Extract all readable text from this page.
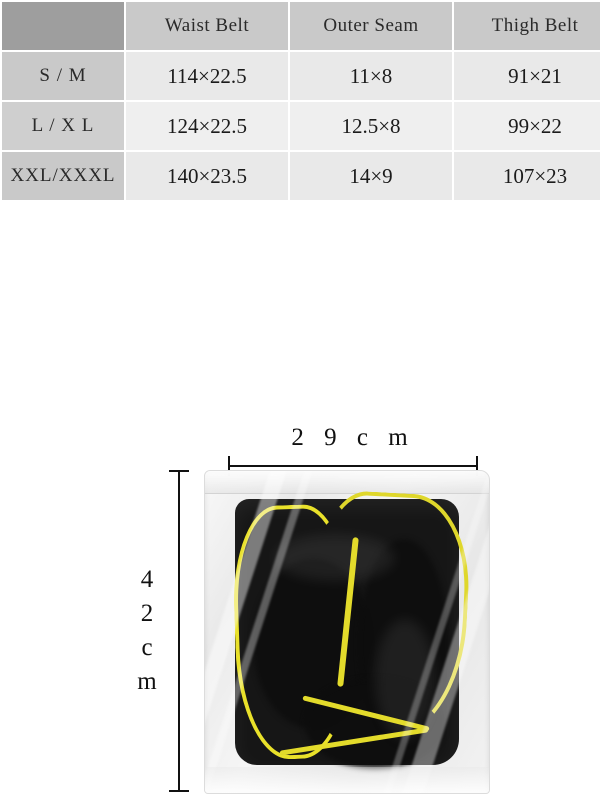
	Waist Belt	Outer Seam	Thigh Belt
S / M	114×22.5	11×8	91×21
L / X L	124×22.5	12.5×8	99×22
XXL/XXXL	140×23.5	14×9	107×23
2 9 c m
4
2
c
m
